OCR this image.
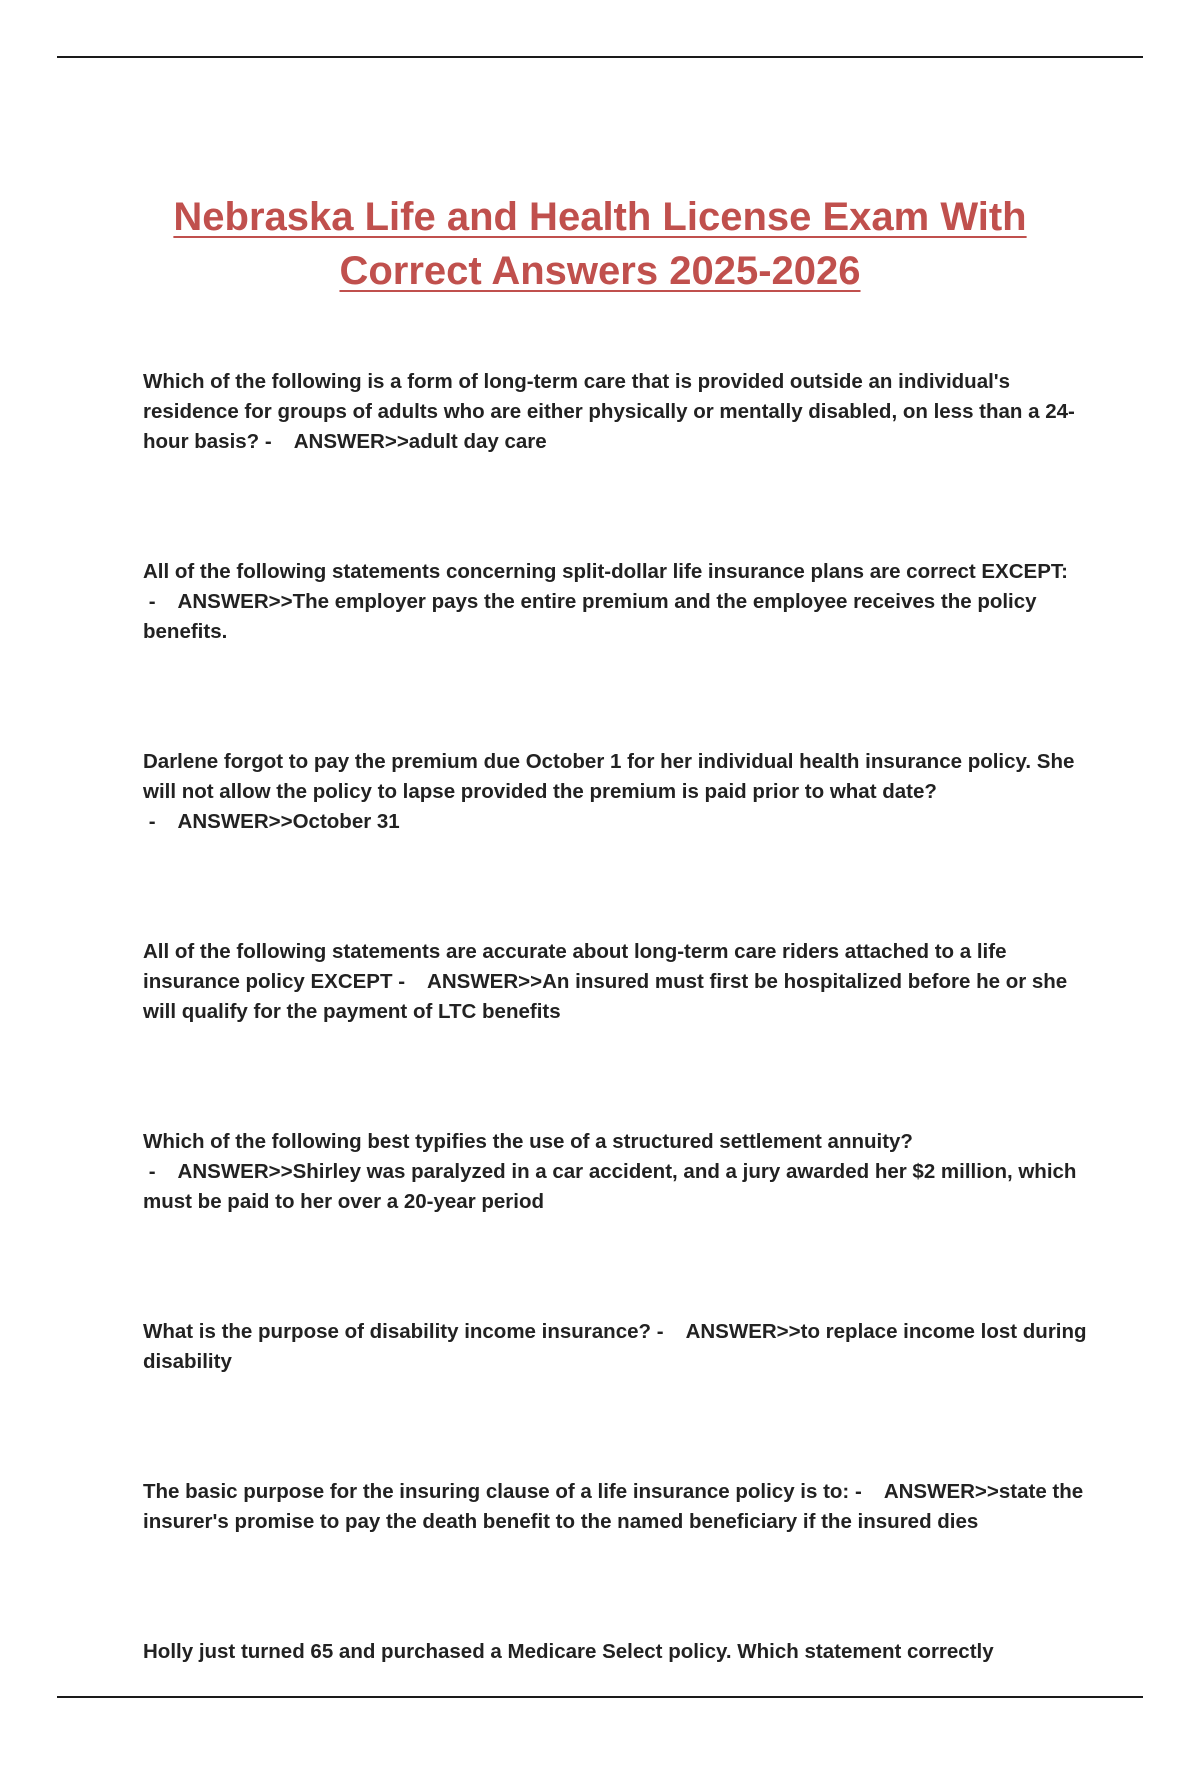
Nebraska Life and Health License Exam With Correct Answers 2025-2026

Which of the following is a form of long-term care that is provided outside an individual's residence for groups of adults who are either physically or mentally disabled, on less than a 24-hour basis? -    ANSWER>>adult day care

All of the following statements concerning split-dollar life insurance plans are correct EXCEPT: -    ANSWER>>The employer pays the entire premium and the employee receives the policy benefits.

Darlene forgot to pay the premium due October 1 for her individual health insurance policy. She will not allow the policy to lapse provided the premium is paid prior to what date? -    ANSWER>>October 31

All of the following statements are accurate about long-term care riders attached to a life insurance policy EXCEPT -    ANSWER>>An insured must first be hospitalized before he or she will qualify for the payment of LTC benefits

Which of the following best typifies the use of a structured settlement annuity? -    ANSWER>>Shirley was paralyzed in a car accident, and a jury awarded her $2 million, which must be paid to her over a 20-year period

What is the purpose of disability income insurance? -    ANSWER>>to replace income lost during disability

The basic purpose for the insuring clause of a life insurance policy is to: -    ANSWER>>state the insurer's promise to pay the death benefit to the named beneficiary if the insured dies

Holly just turned 65 and purchased a Medicare Select policy. Which statement correctly
